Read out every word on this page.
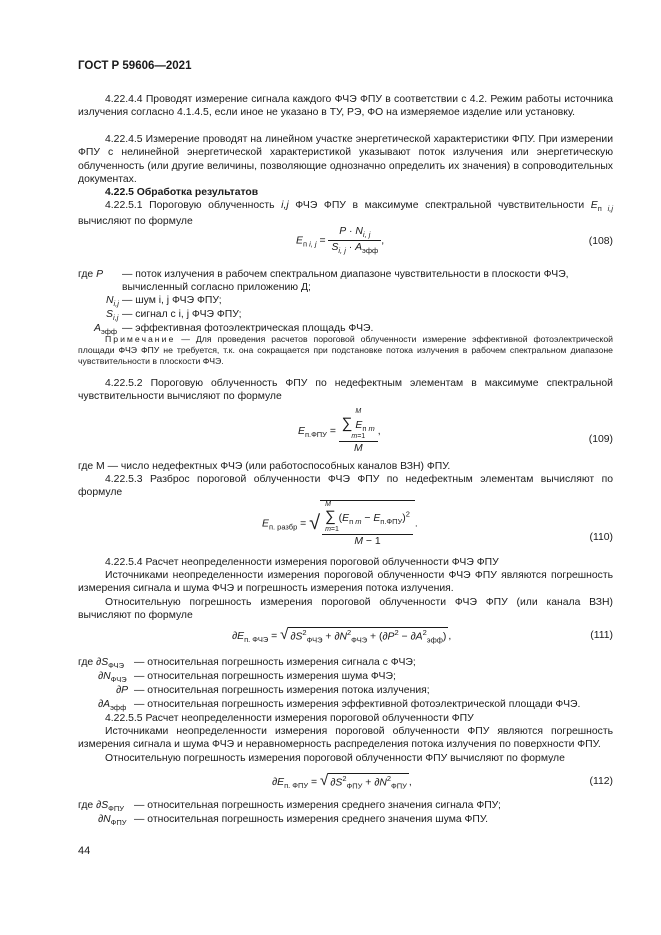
ГОСТ Р 59606—2021
4.22.4.4 Проводят измерение сигнала каждого ФЧЭ ФПУ в соответствии с 4.2. Режим работы источника излучения согласно 4.1.4.5, если иное не указано в ТУ, РЭ, ФО на измеряемое изделие или установку.
4.22.4.5 Измерение проводят на линейном участке энергетической характеристики ФПУ. При измерении ФПУ с нелинейной энергетической характеристикой указывают поток излучения или энергетическую облученность (или другие величины, позволяющие однозначно определить их значения) в сопроводительных документах.
4.22.5 Обработка результатов
4.22.5.1 Пороговую облученность i,j ФЧЭ ФПУ в максимуме спектральной чувствительности $E_{п i,j}$ вычисляют по формуле
$E_{п i, j} = \frac{P \cdot N_{i, j}}{S_{i, j} \cdot A_{эфф}}$ ,	(108)
где P — поток излучения в рабочем спектральном диапазоне чувствительности в плоскости ФЧЭ, вычисленный согласно приложению Д;
$N_{i,j}$ — шум i, j ФЧЭ ФПУ;
$S_{i,j}$ — сигнал с i, j ФЧЭ ФПУ;
$A_{эфф}$ — эффективная фотоэлектрическая площадь ФЧЭ.
Примечание — Для проведения расчетов пороговой облученности измерение эффективной фотоэлектрической площади ФЧЭ ФПУ не требуется, т.к. она сокращается при подстановке потока излучения в рабочем спектральном диапазоне чувствительности в плоскости ФЧЭ.
4.22.5.2 Пороговую облученность ФПУ по недефектным элементам в максимуме спектральной чувствительности вычисляют по формуле
$E_{п.ФПУ} = M$
∑ $E_{п m}$
m=1
M ,
(109)
где M — число недефектных ФЧЭ (или работоспособных каналов ВЗН) ФПУ.
4.22.5.3 Разброс пороговой облученности ФЧЭ ФПУ по недефектным элементам вычисляют по формуле
$E_{п. разбр}$ = √ M
∑ $(E_{п m} - E_{п.ФПУ})^2$
m=1
M − 1 .
(110)
4.22.5.4 Расчет неопределенности измерения пороговой облученности ФЧЭ ФПУ
Источниками неопределенности измерения пороговой облученности ФЧЭ ФПУ являются погрешность измерения сигнала и шума ФЧЭ и погрешность измерения потока излучения.
Относительную погрешность измерения пороговой облученности ФЧЭ ФПУ (или канала ВЗН) вычисляют по формуле
$\partial E_{п. ФЧЭ}$ = √ $\partial S^2_{ФЧЭ} + \partial N^2_{ФЧЭ} + (\partial P^2 - \partial A^2_{эфф})$ ,	(111)
где $\partial S_{ФЧЭ}$ — относительная погрешность измерения сигнала с ФЧЭ;
$\partial N_{ФЧЭ}$ — относительная погрешность измерения шума ФЧЭ;
∂P — относительная погрешность измерения потока излучения;
$\partial A_{эфф}$ — относительная погрешность измерения эффективной фотоэлектрической площади ФЧЭ.
4.22.5.5 Расчет неопределенности измерения пороговой облученности ФПУ
Источниками неопределенности измерения пороговой облученности ФПУ являются погрешность измерения сигнала и шума ФЧЭ и неравномерность распределения потока излучения по поверхности ФПУ.
Относительную погрешность измерения пороговой облученности ФПУ вычисляют по формуле
$\partial E_{п. ФПУ}$ = √ $\partial S^2_{ФПУ} + \partial N^2_{ФПУ}$ ,	(112)
где $\partial S_{ФПУ}$ — относительная погрешность измерения среднего значения сигнала ФПУ;
$\partial N_{ФПУ}$ — относительная погрешность измерения среднего значения шума ФПУ.
44
